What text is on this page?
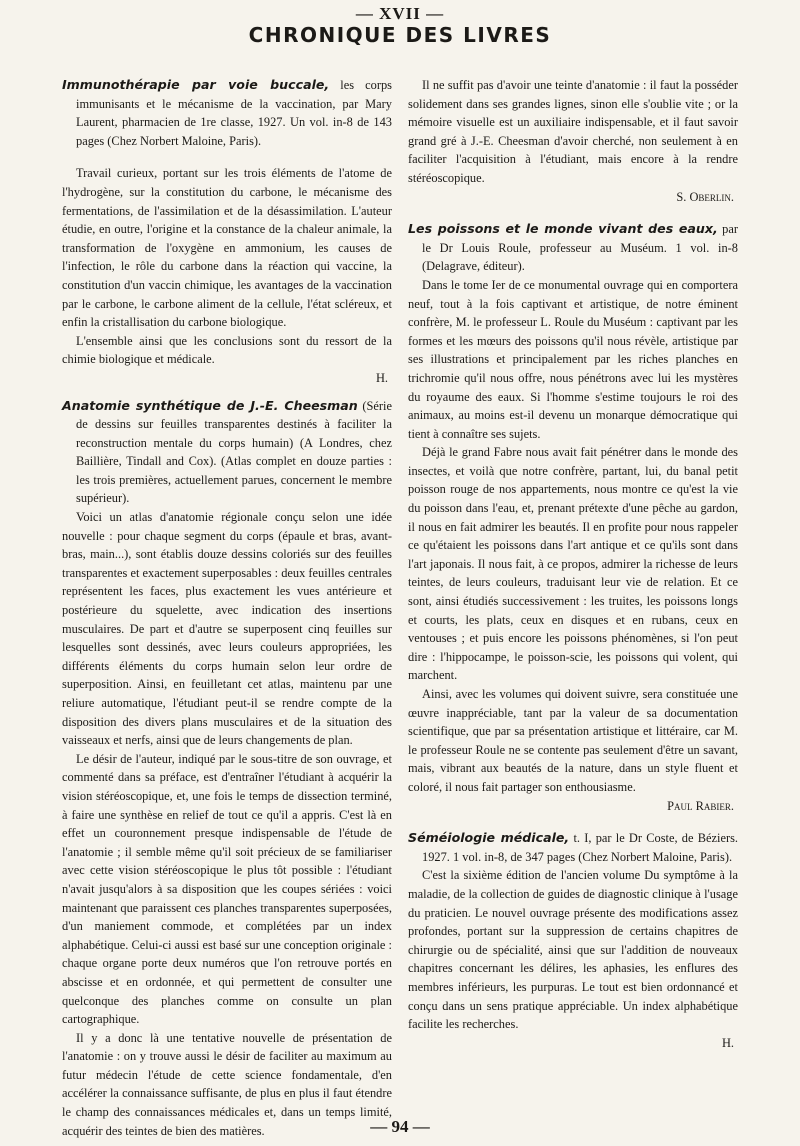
— XVII —
CHRONIQUE DES LIVRES

Immunothérapie par voie buccale, les corps immunisants et le mécanisme de la vaccination, par Mary Laurent, pharmacien de 1re classe, 1927. Un vol. in-8 de 143 pages (Chez Norbert Maloine, Paris).

Travail curieux, portant sur les trois éléments de l'atome de l'hydrogène, sur la constitution du carbone, le mécanisme des fermentations, de l'assimilation et de la désassimilation. L'auteur étudie, en outre, l'origine et la constance de la chaleur animale, la transformation de l'oxygène en ammonium, les causes de l'infection, le rôle du carbone dans la réaction qui vaccine, la constitution d'un vaccin chimique, les avantages de la vaccination par le carbone, le carbone aliment de la cellule, l'état scléreux, et enfin la cristallisation du carbone biologique.

L'ensemble ainsi que les conclusions sont du ressort de la chimie biologique et médicale.

H.

Anatomie synthétique de J.-E. Cheesman (Série de dessins sur feuilles transparentes destinés à faciliter la reconstruction mentale du corps humain) (A Londres, chez Baillière, Tindall and Cox). (Atlas complet en douze parties : les trois premières, actuellement parues, concernent le membre supérieur).

Voici un atlas d'anatomie régionale conçu selon une idée nouvelle : pour chaque segment du corps (épaule et bras, avant-bras, main...), sont établis douze dessins coloriés sur des feuilles transparentes et exactement superposables : deux feuilles centrales représentent les faces, plus exactement les vues antérieure et postérieure du squelette, avec indication des insertions musculaires. De part et d'autre se superposent cinq feuilles sur lesquelles sont dessinés, avec leurs couleurs appropriées, les différents éléments du corps humain selon leur ordre de superposition. Ainsi, en feuilletant cet atlas, maintenu par une reliure automatique, l'étudiant peut-il se rendre compte de la disposition des divers plans musculaires et de la situation des vaisseaux et nerfs, ainsi que de leurs changements de plan.

Le désir de l'auteur, indiqué par le sous-titre de son ouvrage, et commenté dans sa préface, est d'entraîner l'étudiant à acquérir la vision stéréoscopique, et, une fois le temps de dissection terminé, à faire une synthèse en relief de tout ce qu'il a appris. C'est là en effet un couronnement presque indispensable de l'étude de l'anatomie ; il semble même qu'il soit précieux de se familiariser avec cette vision stéréoscopique le plus tôt possible : l'étudiant n'avait jusqu'alors à sa disposition que les coupes sériées : voici maintenant que paraissent ces planches transparentes superposées, d'un maniement commode, et complétées par un index alphabétique. Celui-ci aussi est basé sur une conception originale : chaque organe porte deux numéros que l'on retrouve portés en abscisse et en ordonnée, et qui permettent de consulter une quelconque des planches comme on consulte un plan cartographique.

Il y a donc là une tentative nouvelle de présentation de l'anatomie : on y trouve aussi le désir de faciliter au maximum au futur médecin l'étude de cette science fondamentale, d'en accélérer la connaissance suffisante, de plus en plus il faut étendre le champ des connaissances médicales et, dans un temps limité, acquérir des teintes de bien des matières.

Il ne suffit pas d'avoir une teinte d'anatomie : il faut la posséder solidement dans ses grandes lignes, sinon elle s'oublie vite ; or la mémoire visuelle est un auxiliaire indispensable, et il faut savoir grand gré à J.-E. Cheesman d'avoir cherché, non seulement à en faciliter l'acquisition à l'étudiant, mais encore à la rendre stéréoscopique.

S. Oberlin.

Les poissons et le monde vivant des eaux, par le Dr Louis Roule, professeur au Muséum. 1 vol. in-8 (Delagrave, éditeur).

Dans le tome Ier de ce monumental ouvrage qui en comportera neuf, tout à la fois captivant et artistique, de notre éminent confrère, M. le professeur L. Roule du Muséum : captivant par les formes et les mœurs des poissons qu'il nous révèle, artistique par ses illustrations et principalement par les riches planches en trichromie qu'il nous offre, nous pénétrons avec lui les mystères du royaume des eaux. Si l'homme s'estime toujours le roi des animaux, au moins est-il devenu un monarque démocratique qui tient à connaître ses sujets.

Déjà le grand Fabre nous avait fait pénétrer dans le monde des insectes, et voilà que notre confrère, partant, lui, du banal petit poisson rouge de nos appartements, nous montre ce qu'est la vie du poisson dans l'eau, et, prenant prétexte d'une pêche au gardon, il nous en fait admirer les beautés. Il en profite pour nous rappeler ce qu'étaient les poissons dans l'art antique et ce qu'ils sont dans l'art japonais. Il nous fait, à ce propos, admirer la richesse de leurs teintes, de leurs couleurs, traduisant leur vie de relation. Et ce sont, ainsi étudiés successivement : les truites, les poissons longs et courts, les plats, ceux en disques et en rubans, ceux en ventouses ; et puis encore les poissons phénomènes, si l'on peut dire : l'hippocampe, le poisson-scie, les poissons qui volent, qui marchent.

Ainsi, avec les volumes qui doivent suivre, sera constituée une œuvre inappréciable, tant par la valeur de sa documentation scientifique, que par sa présentation artistique et littéraire, car M. le professeur Roule ne se contente pas seulement d'être un savant, mais, vibrant aux beautés de la nature, dans un style fluent et coloré, il nous fait partager son enthousiasme.

Paul Rabier.

Séméiologie médicale, t. I, par le Dr Coste, de Béziers. 1927. 1 vol. in-8, de 347 pages (Chez Norbert Maloine, Paris).

C'est la sixième édition de l'ancien volume Du symptôme à la maladie, de la collection de guides de diagnostic clinique à l'usage du praticien. Le nouvel ouvrage présente des modifications assez profondes, portant sur la suppression de certains chapitres de chirurgie ou de spécialité, ainsi que sur l'addition de nouveaux chapitres concernant les délires, les aphasies, les enflures des membres inférieurs, les purpuras. Le tout est bien ordonnancé et conçu dans un sens pratique appréciable. Un index alphabétique facilite les recherches.

H.

— 94 —
